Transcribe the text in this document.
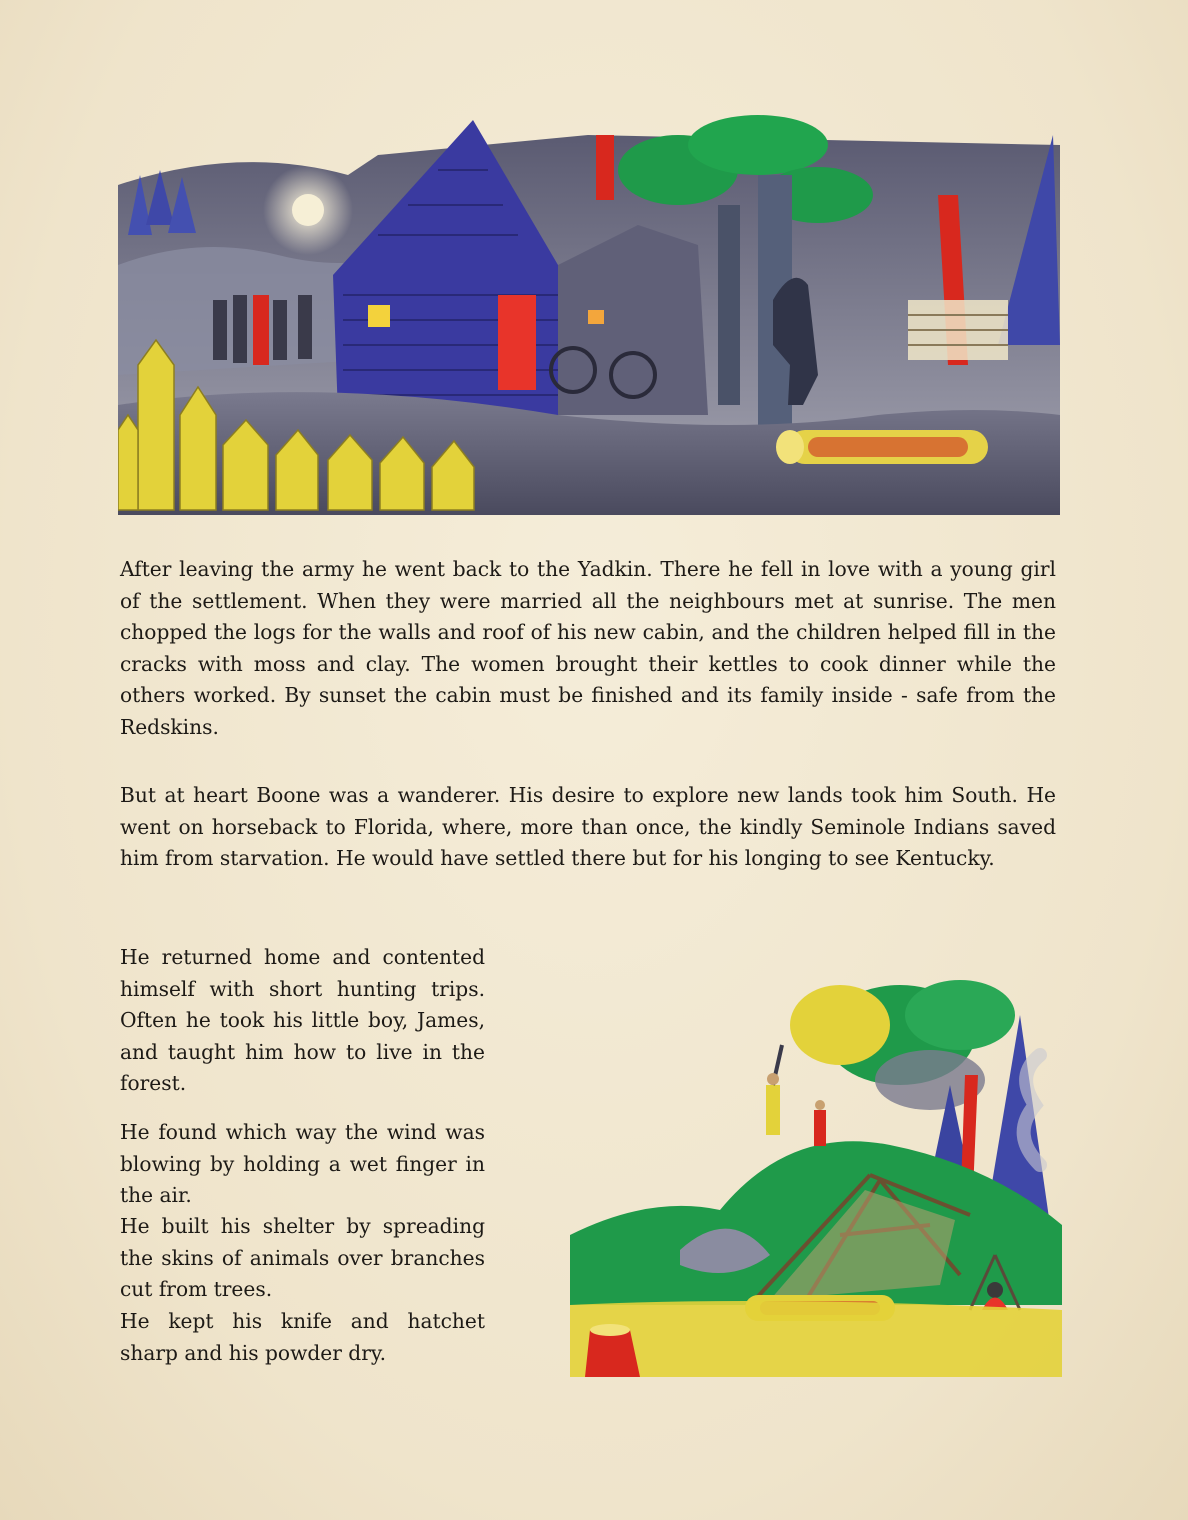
After leaving the army he went back to the Yadkin. There he fell in love with a young girl of the settlement. When they were married all the neighbours met at sunrise. The men chopped the logs for the walls and roof of his new cabin, and the children helped fill in the cracks with moss and clay. The women brought their kettles to cook dinner while the others worked. By sunset the cabin must be finished and its family inside - safe from the Redskins.

But at heart Boone was a wanderer. His desire to explore new lands took him South. He went on horseback to Florida, where, more than once, the kindly Seminole Indians saved him from starvation. He would have settled there but for his longing to see Kentucky.

He returned home and contented himself with short hunting trips. Often he took his little boy, James, and taught him how to live in the forest.

He found which way the wind was blowing by holding a wet finger in the air.

He built his shelter by spreading the skins of animals over branches cut from trees.

He kept his knife and hatchet sharp and his powder dry.
